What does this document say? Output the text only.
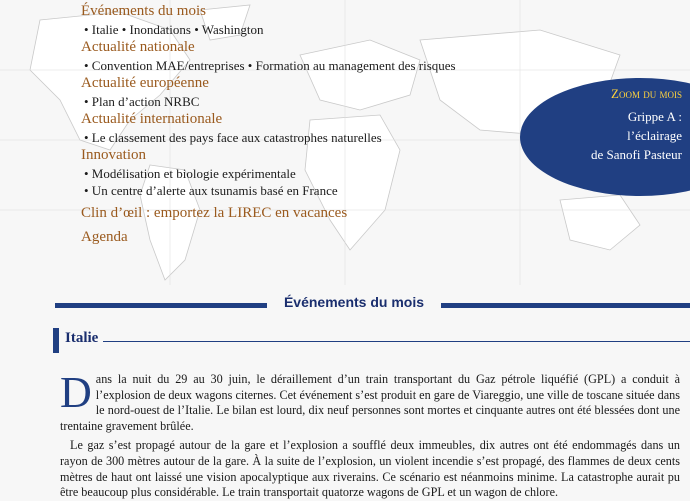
Événements du mois

• Italie • Inondations • Washington

Actualité nationale

• Convention MAE/entreprises • Formation au management des risques

Actualité européenne

• Plan d’action NRBC

Actualité internationale

• Le classement des pays face aux catastrophes naturelles

Innovation

• Modélisation et biologie expérimentale

• Un centre d’alerte aux tsunamis basé en France

Clin d’œil : emportez la LIREC en vacances

Agenda

Zoom du mois

Grippe A :

l’éclairage

de Sanofi Pasteur

Événements du mois
Italie

Dans la nuit du 29 au 30 juin, le déraillement d’un train transportant du Gaz pétrole liquéfié (GPL) a conduit à l’explosion de deux wagons citernes. Cet événement s’est produit en gare de Viareggio, une ville de toscane située dans le nord-ouest de l’Italie. Le bilan est lourd, dix neuf personnes sont mortes et cinquante autres ont été blessées dont une trentaine gravement brûlée.

Le gaz s’est propagé autour de la gare et l’explosion a soufflé deux immeubles, dix autres ont été endommagés dans un rayon de 300 mètres autour de la gare. À la suite de l’explosion, un violent incendie s’est propagé, des flammes de deux cents mètres de haut ont laissé une vision apocalyptique aux riverains. Ce scénario est néanmoins minime. La catastrophe aurait pu être beaucoup plus considérable. Le train transportait quatorze wagons de GPL et un wagon de chlore.
